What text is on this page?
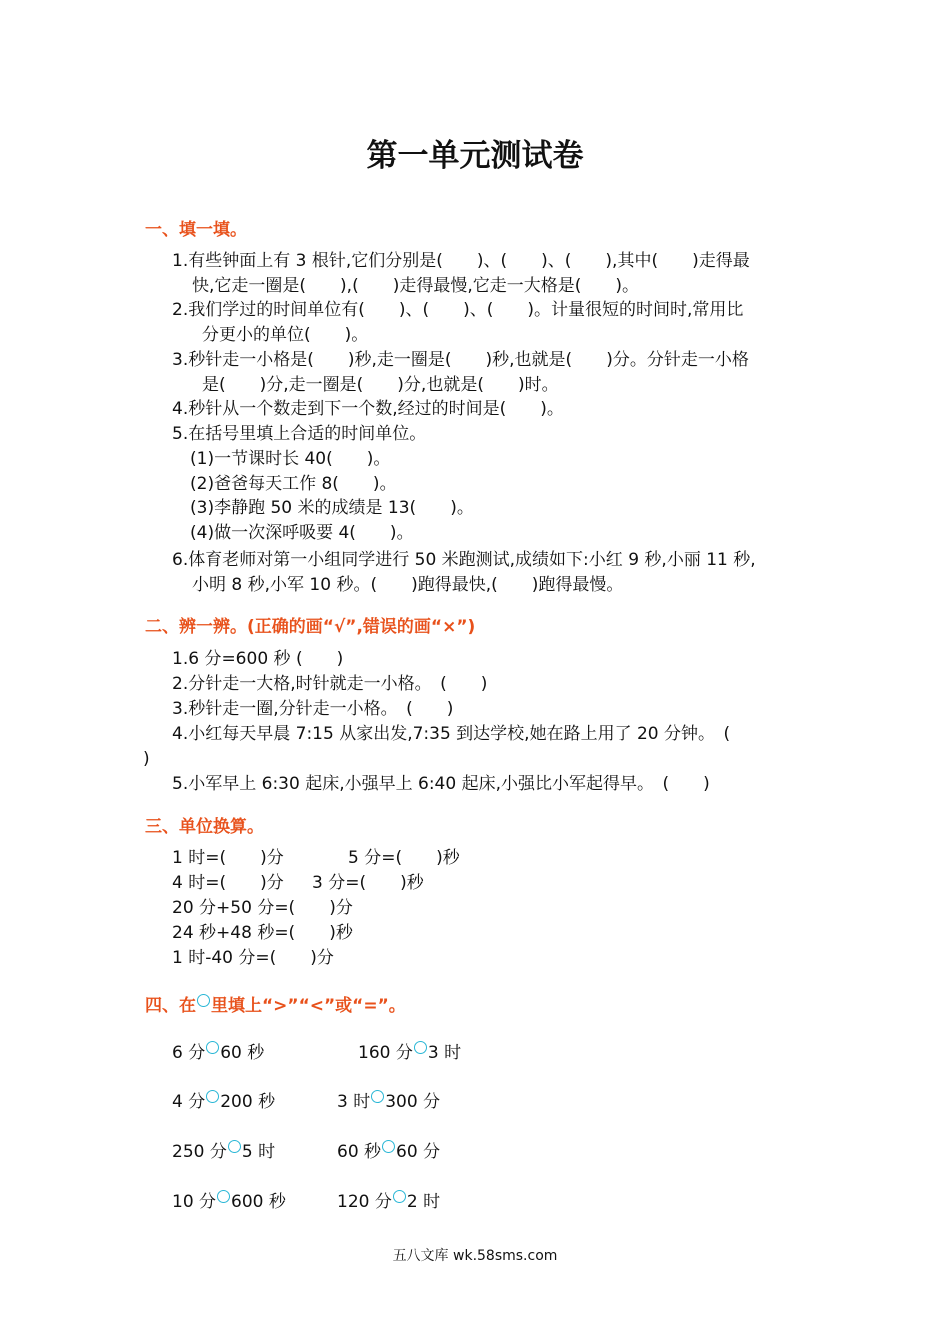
第一单元测试卷
一、填一填。
1.有些钟面上有 3 根针,它们分别是(　　)、(　　)、(　　),其中(　　)走得最
快,它走一圈是(　　),(　　)走得最慢,它走一大格是(　　)。
2.我们学过的时间单位有(　　)、(　　)、(　　)。计量很短的时间时,常用比
分更小的单位(　　)。
3.秒针走一小格是(　　)秒,走一圈是(　　)秒,也就是(　　)分。分针走一小格
是(　　)分,走一圈是(　　)分,也就是(　　)时。
4.秒针从一个数走到下一个数,经过的时间是(　　)。
5.在括号里填上合适的时间单位。
(1)一节课时长 40(　　)。
(2)爸爸每天工作 8(　　)。
(3)李静跑 50 米的成绩是 13(　　)。
(4)做一次深呼吸要 4(　　)。
6.体育老师对第一小组同学进行 50 米跑测试,成绩如下:小红 9 秒,小丽 11 秒,
小明 8 秒,小军 10 秒。(　　)跑得最快,(　　)跑得最慢。
二、辨一辨。(正确的画“√”,错误的画“×”)
1.6 分=600 秒 (　　)
2.分针走一大格,时针就走一小格。　(　　)
3.秒针走一圈,分针走一小格。　(　　)
4.小红每天早晨 7:15 从家出发,7:35 到达学校,她在路上用了 20 分钟。　(
)
5.小军早上 6:30 起床,小强早上 6:40 起床,小强比小军起得早。　(　　)
三、单位换算。
1 时=(　　)分	5 分=(　　)秒
4 时=(　　)分 3 分=(　　)秒
20 分+50 分=(　　)分
24 秒+48 秒=(　　)秒
1 时-40 分=(　　)分
四、在 里填上“>”“<”或“=”。
6 分 60 秒	160 分 3 时
4 分 200 秒	3 时 300 分
250 分 5 时	60 秒 60 分
10 分 600 秒	120 分 2 时
五八文库 wk.58sms.com
